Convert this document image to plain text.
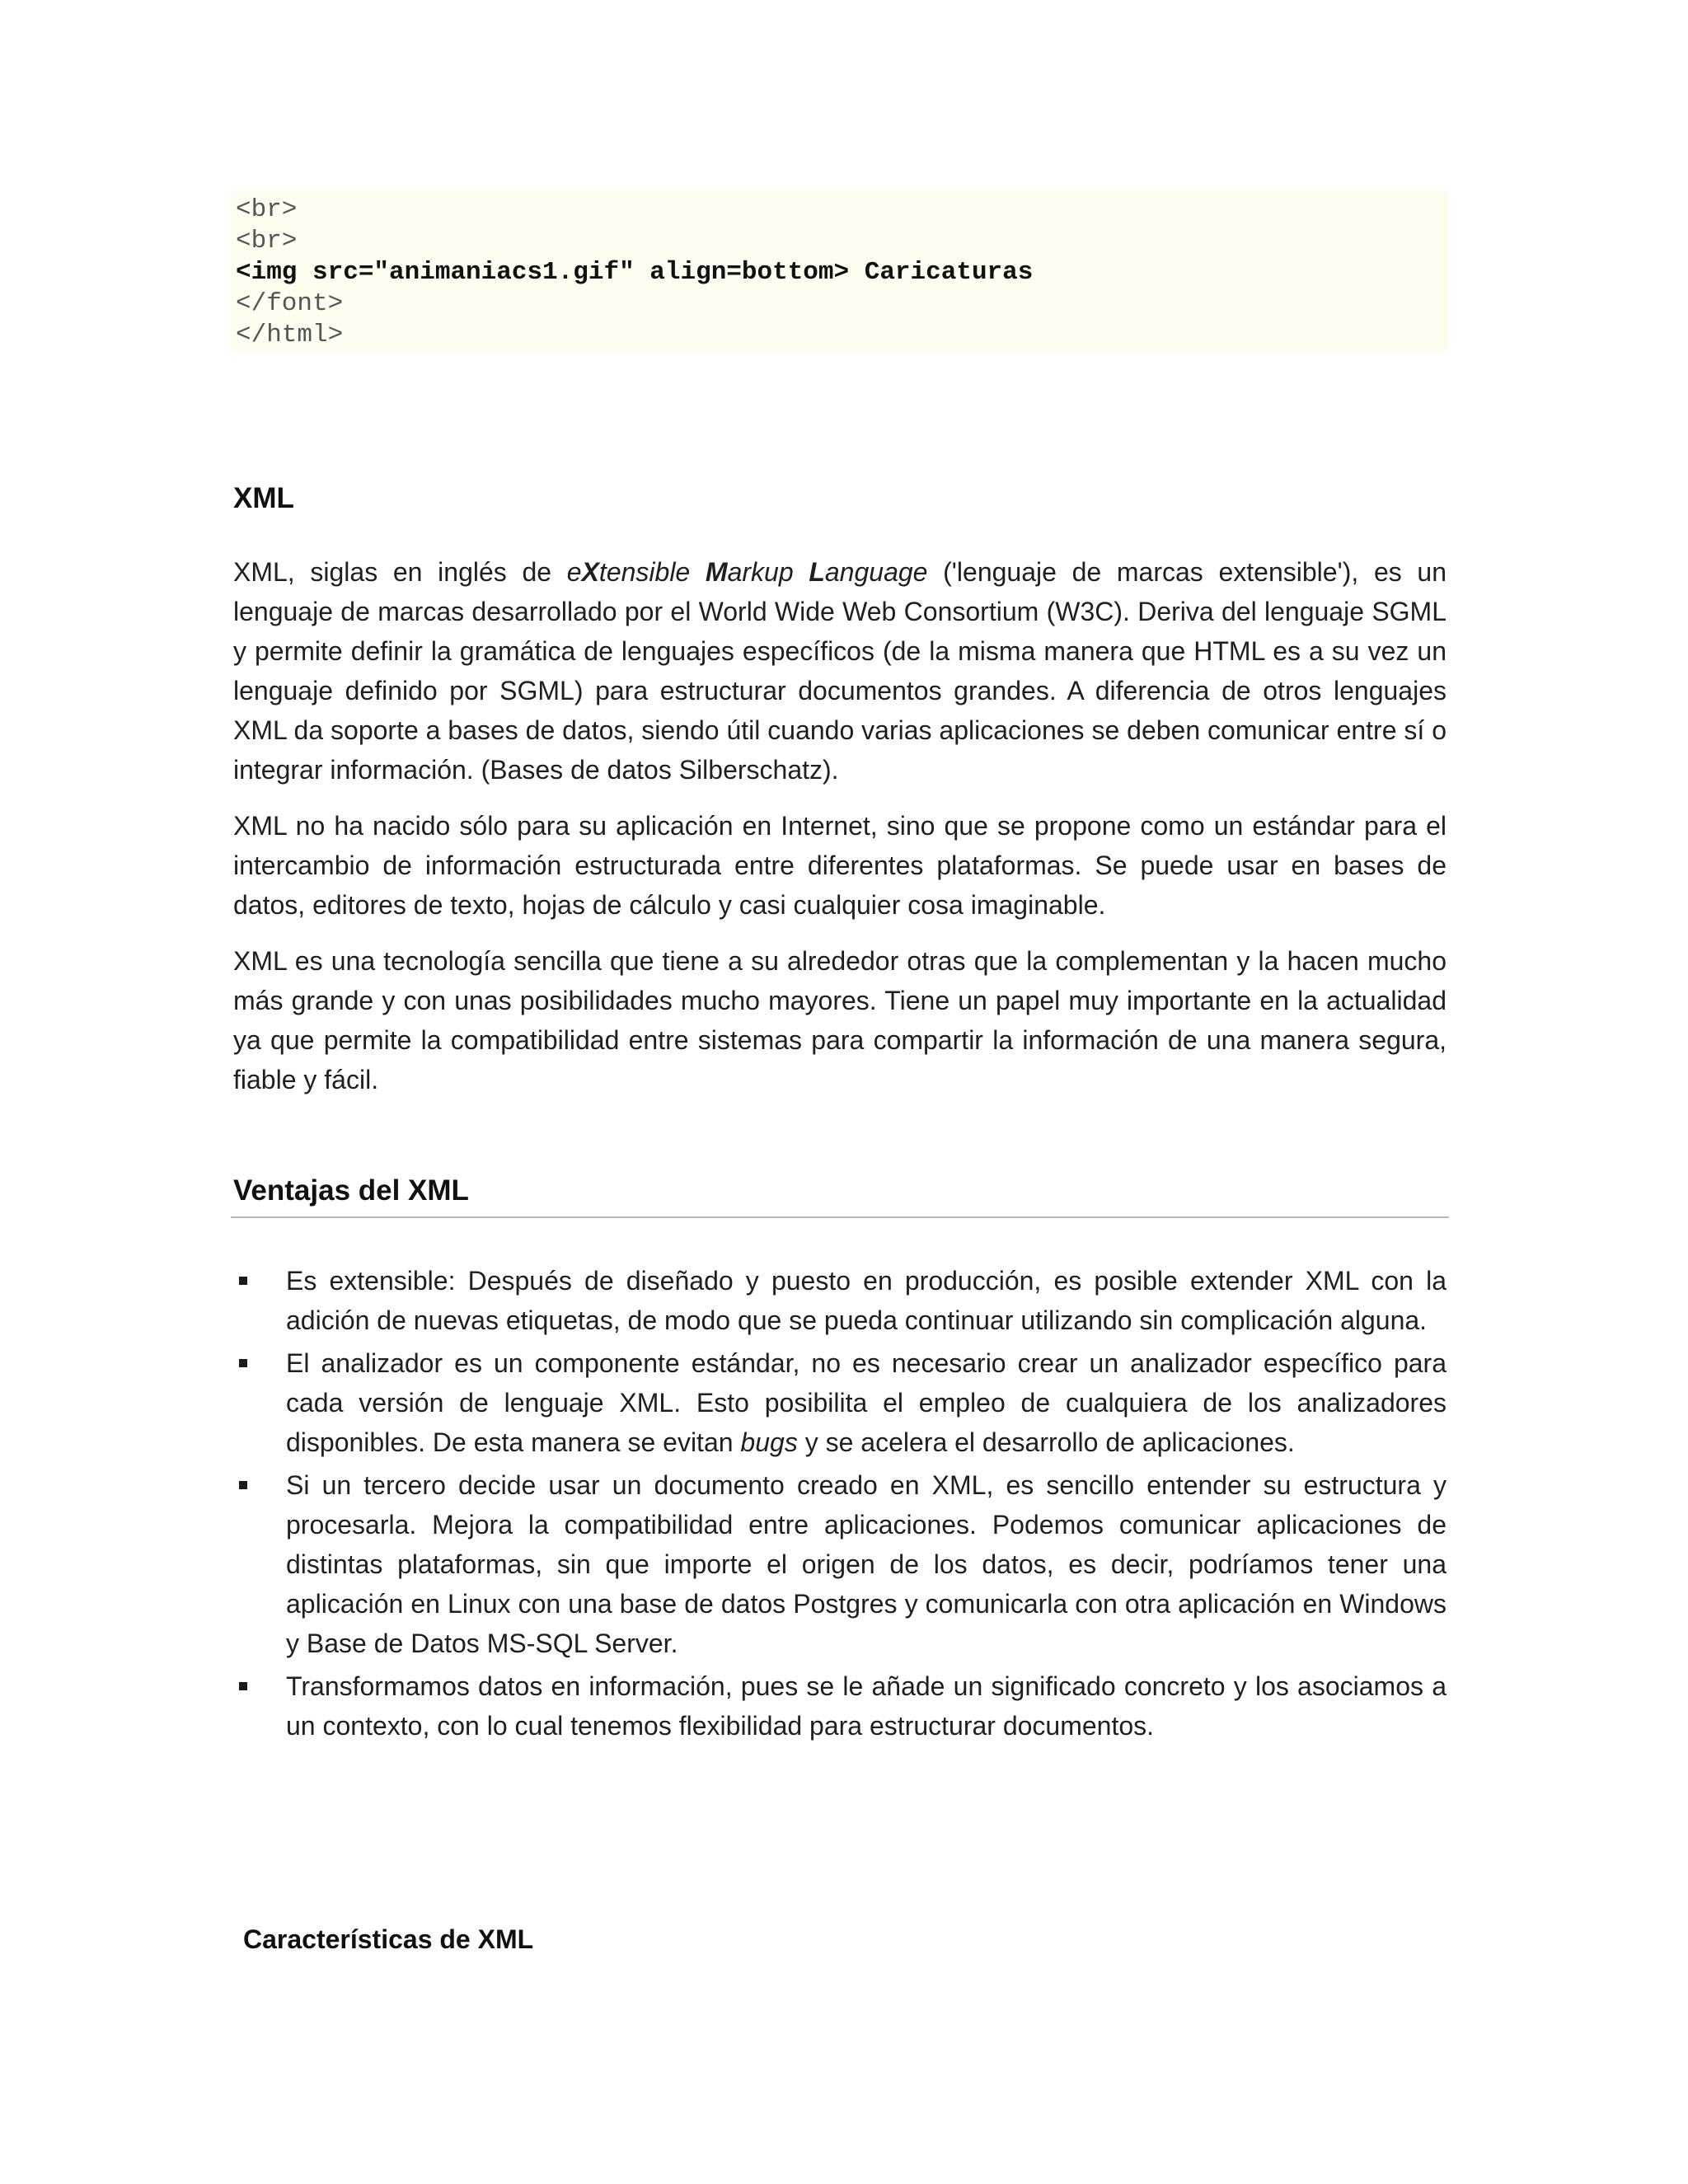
<br>
<br>
<img src="animaniacs1.gif" align=bottom> Caricaturas
</font>
</html>
XML

XML, siglas en inglés de eXtensible Markup Language ('lenguaje de marcas extensible'), es un lenguaje de marcas desarrollado por el World Wide Web Consortium (W3C). Deriva del lenguaje SGML y permite definir la gramática de lenguajes específicos (de la misma manera que HTML es a su vez un lenguaje definido por SGML) para estructurar documentos grandes. A diferencia de otros lenguajes XML da soporte a bases de datos, siendo útil cuando varias aplicaciones se deben comunicar entre sí o integrar información. (Bases de datos Silberschatz).

XML no ha nacido sólo para su aplicación en Internet, sino que se propone como un estándar para el intercambio de información estructurada entre diferentes plataformas. Se puede usar en bases de datos, editores de texto, hojas de cálculo y casi cualquier cosa imaginable.

XML es una tecnología sencilla que tiene a su alrededor otras que la complementan y la hacen mucho más grande y con unas posibilidades mucho mayores. Tiene un papel muy importante en la actualidad ya que permite la compatibilidad entre sistemas para compartir la información de una manera segura, fiable y fácil.

Ventajas del XML
Es extensible: Después de diseñado y puesto en producción, es posible extender XML con la adición de nuevas etiquetas, de modo que se pueda continuar utilizando sin complicación alguna.
El analizador es un componente estándar, no es necesario crear un analizador específico para cada versión de lenguaje XML. Esto posibilita el empleo de cualquiera de los analizadores disponibles. De esta manera se evitan bugs y se acelera el desarrollo de aplicaciones.
Si un tercero decide usar un documento creado en XML, es sencillo entender su estructura y procesarla. Mejora la compatibilidad entre aplicaciones. Podemos comunicar aplicaciones de distintas plataformas, sin que importe el origen de los datos, es decir, podríamos tener una aplicación en Linux con una base de datos Postgres y comunicarla con otra aplicación en Windows y Base de Datos MS-SQL Server.
Transformamos datos en información, pues se le añade un significado concreto y los asociamos a un contexto, con lo cual tenemos flexibilidad para estructurar documentos.
Características de XML
